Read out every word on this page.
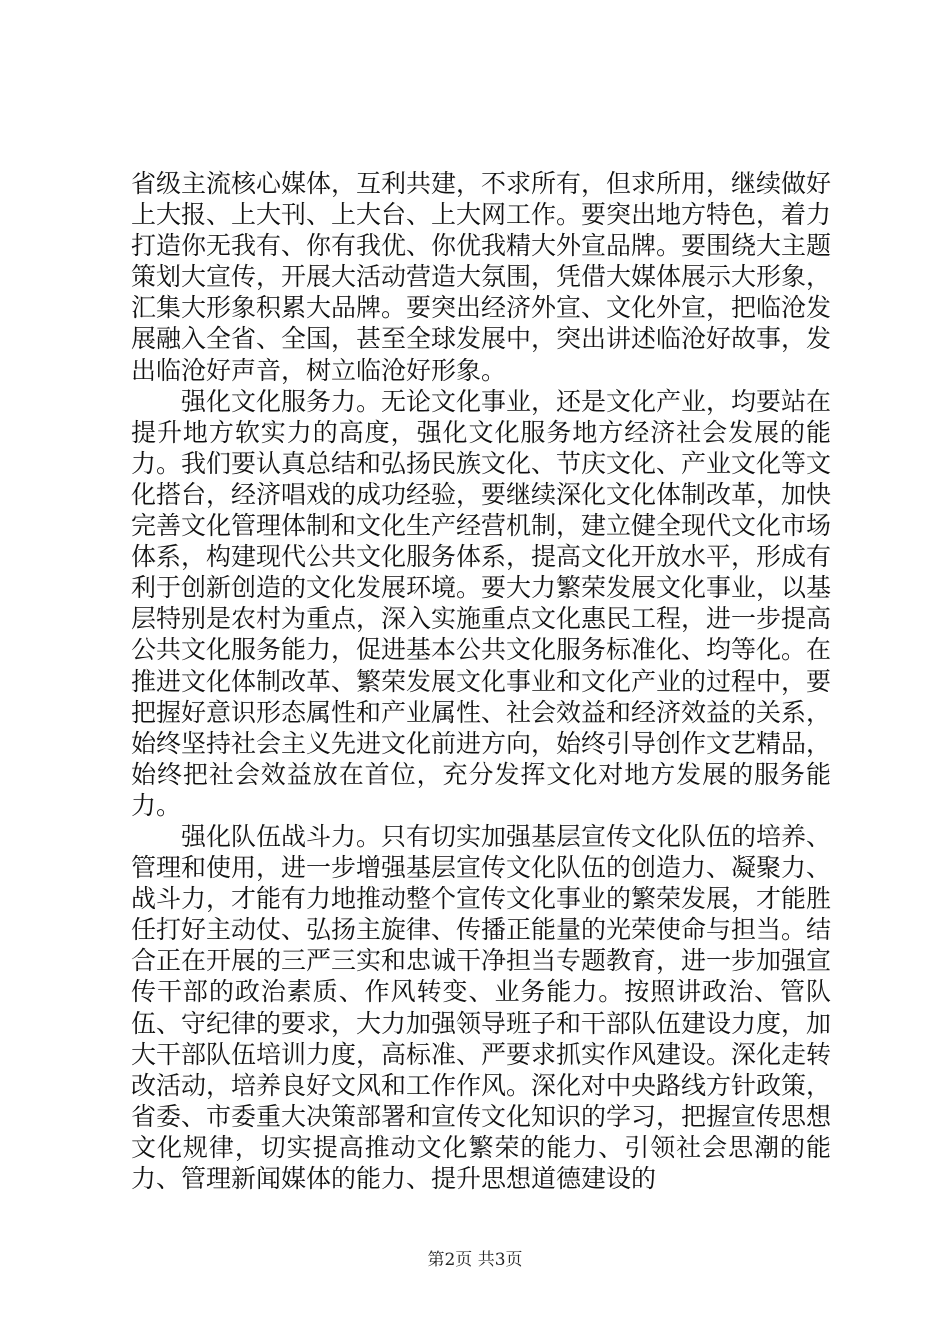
省级主流核心媒体，互利共建，不求所有，但求所用，继续做好上大报、上大刊、上大台、上大网工作。要突出地方特色，着力打造你无我有、你有我优、你优我精大外宣品牌。要围绕大主题策划大宣传，开展大活动营造大氛围，凭借大媒体展示大形象，汇集大形象积累大品牌。要突出经济外宣、文化外宣，把临沧发展融入全省、全国，甚至全球发展中，突出讲述临沧好故事，发出临沧好声音，树立临沧好形象。

强化文化服务力。无论文化事业，还是文化产业，均要站在提升地方软实力的高度，强化文化服务地方经济社会发展的能力。我们要认真总结和弘扬民族文化、节庆文化、产业文化等文化搭台，经济唱戏的成功经验，要继续深化文化体制改革，加快完善文化管理体制和文化生产经营机制，建立健全现代文化市场体系，构建现代公共文化服务体系，提高文化开放水平，形成有利于创新创造的文化发展环境。要大力繁荣发展文化事业，以基层特别是农村为重点，深入实施重点文化惠民工程，进一步提高公共文化服务能力，促进基本公共文化服务标准化、均等化。在推进文化体制改革、繁荣发展文化事业和文化产业的过程中，要把握好意识形态属性和产业属性、社会效益和经济效益的关系，始终坚持社会主义先进文化前进方向，始终引导创作文艺精品，始终把社会效益放在首位，充分发挥文化对地方发展的服务能力。

强化队伍战斗力。只有切实加强基层宣传文化队伍的培养、管理和使用，进一步增强基层宣传文化队伍的创造力、凝聚力、战斗力，才能有力地推动整个宣传文化事业的繁荣发展，才能胜任打好主动仗、弘扬主旋律、传播正能量的光荣使命与担当。结合正在开展的三严三实和忠诚干净担当专题教育，进一步加强宣传干部的政治素质、作风转变、业务能力。按照讲政治、管队伍、守纪律的要求，大力加强领导班子和干部队伍建设力度，加大干部队伍培训力度，高标准、严要求抓实作风建设。深化走转改活动，培养良好文风和工作作风。深化对中央路线方针政策，省委、市委重大决策部署和宣传文化知识的学习，把握宣传思想文化规律，切实提高推动文化繁荣的能力、引领社会思潮的能力、管理新闻媒体的能力、提升思想道德建设的

第2页 共3页
